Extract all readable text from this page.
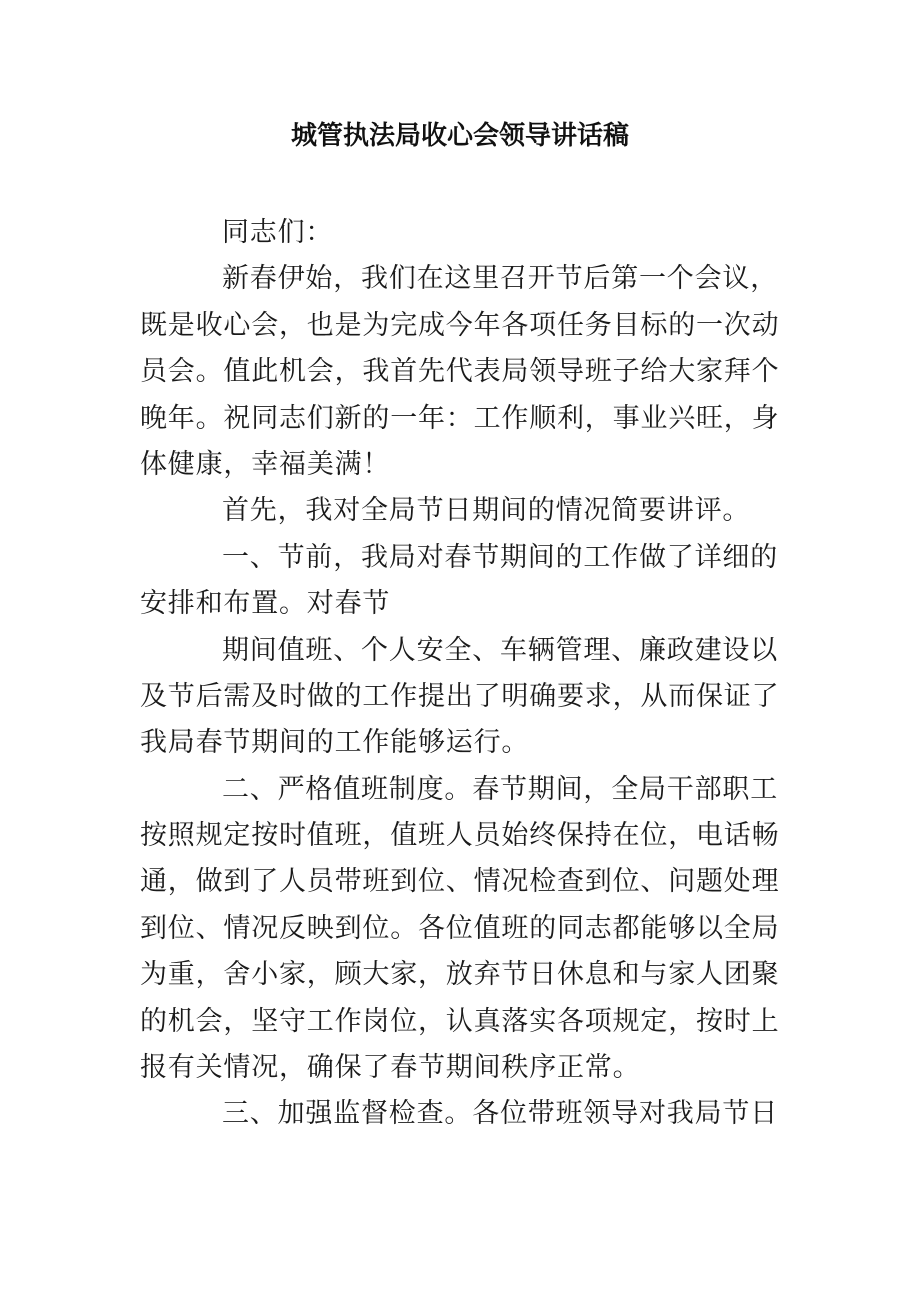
城管执法局收心会领导讲话稿
同志们：
新春伊始，我们在这里召开节后第一个会议，
既是收心会，也是为完成今年各项任务目标的一次动
员会。值此机会，我首先代表局领导班子给大家拜个
晚年。祝同志们新的一年：工作顺利，事业兴旺，身
体健康，幸福美满！
首先，我对全局节日期间的情况简要讲评。
一、节前，我局对春节期间的工作做了详细的
安排和布置。对春节
期间值班、个人安全、车辆管理、廉政建设以
及节后需及时做的工作提出了明确要求，从而保证了
我局春节期间的工作能够运行。
二、严格值班制度。春节期间，全局干部职工
按照规定按时值班，值班人员始终保持在位，电话畅
通，做到了人员带班到位、情况检查到位、问题处理
到位、情况反映到位。各位值班的同志都能够以全局
为重，舍小家，顾大家，放弃节日休息和与家人团聚
的机会，坚守工作岗位，认真落实各项规定，按时上
报有关情况，确保了春节期间秩序正常。
三、加强监督检查。各位带班领导对我局节日
